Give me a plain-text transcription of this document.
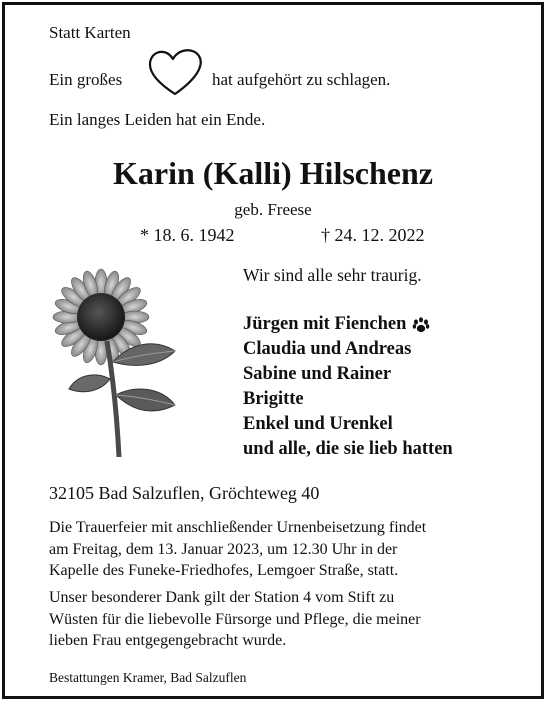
Statt Karten
Ein großes	hat aufgehört zu schlagen.
Ein langes Leiden hat ein Ende.
Karin (Kalli) Hilschenz
geb. Freese
* 18. 6. 1942	† 24. 12. 2022
Wir sind alle sehr traurig.
Jürgen mit Fienchen
Claudia und Andreas
Sabine und Rainer
Brigitte
Enkel und Urenkel
und alle, die sie lieb hatten
32105 Bad Salzuflen, Gröchteweg 40
Die Trauerfeier mit anschließender Urnenbeisetzung findet
am Freitag, dem 13. Januar 2023, um 12.30 Uhr in der
Kapelle des Funeke-Friedhofes, Lemgoer Straße, statt.
Unser besonderer Dank gilt der Station 4 vom Stift zu
Wüsten für die liebevolle Fürsorge und Pflege, die meiner
lieben Frau entgegengebracht wurde.
Bestattungen Kramer, Bad Salzuflen
